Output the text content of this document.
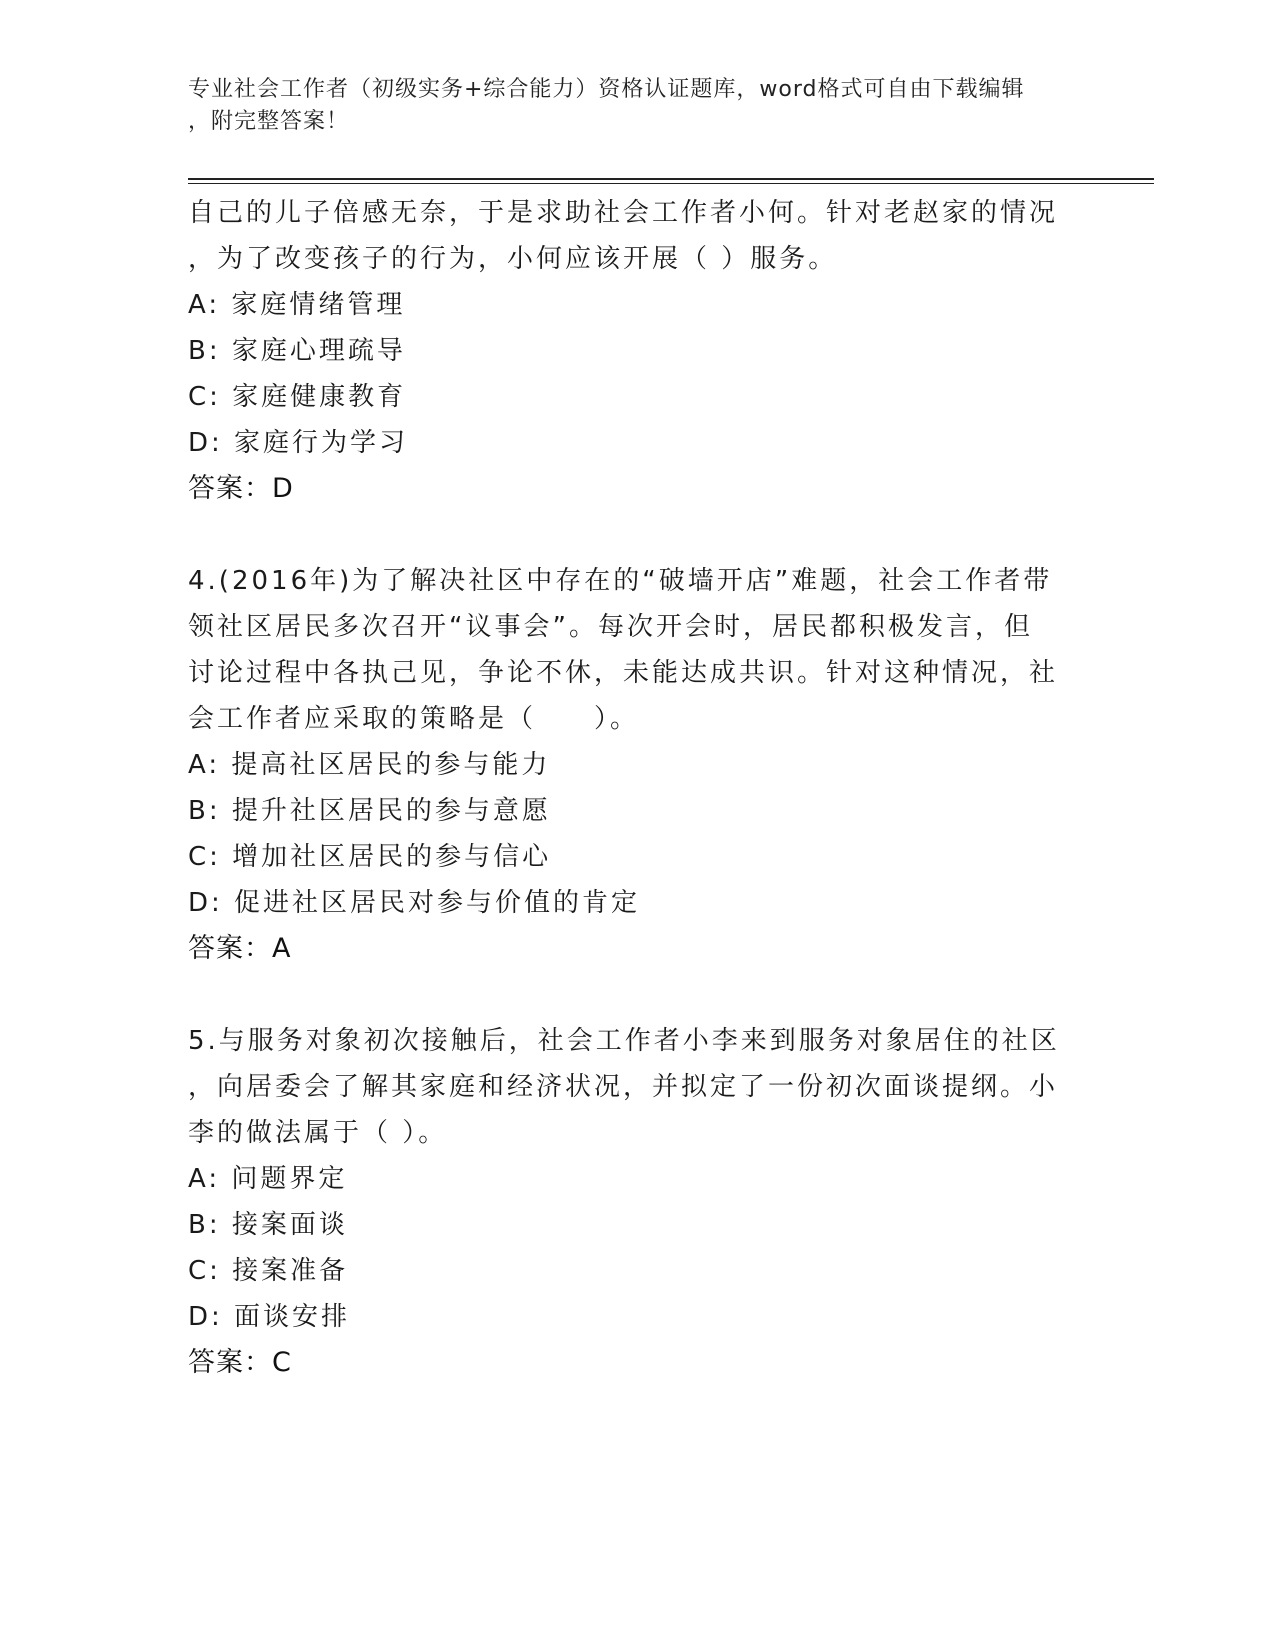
专业社会工作者（初级实务+综合能力）资格认证题库，word格式可自由下载编辑
，附完整答案！
自己的儿子倍感无奈，于是求助社会工作者小何。针对老赵家的情况
，为了改变孩子的行为，小何应该开展（ ）服务。
A: 家庭情绪管理
B: 家庭心理疏导
C: 家庭健康教育
D: 家庭行为学习
答案：D
4.(2016年)为了解决社区中存在的“破墙开店”难题，社会工作者带
领社区居民多次召开“议事会”。每次开会时，居民都积极发言，但
讨论过程中各执己见，争论不休，未能达成共识。针对这种情况，社
会工作者应采取的策略是（　　）。
A: 提高社区居民的参与能力
B: 提升社区居民的参与意愿
C: 增加社区居民的参与信心
D: 促进社区居民对参与价值的肯定
答案：A
5.与服务对象初次接触后，社会工作者小李来到服务对象居住的社区
，向居委会了解其家庭和经济状况，并拟定了一份初次面谈提纲。小
李的做法属于（ ）。
A: 问题界定
B: 接案面谈
C: 接案准备
D: 面谈安排
答案：C
